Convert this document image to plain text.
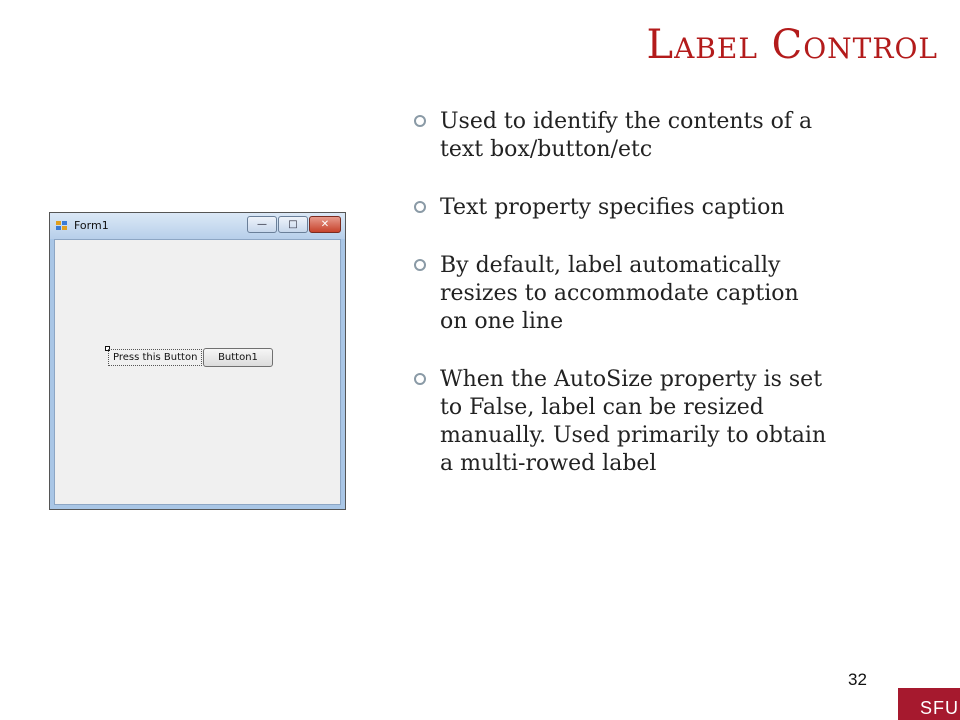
Label Control
Used to identify the contents of a text box/button/etc
Text property specifies caption
By default, label automatically resizes to accommodate caption on one line
When the AutoSize property is set to False, label can be resized manually. Used primarily to obtain a multi-rowed label
Form1	— □ ✕
Press this Button	Button1
32
SFU
